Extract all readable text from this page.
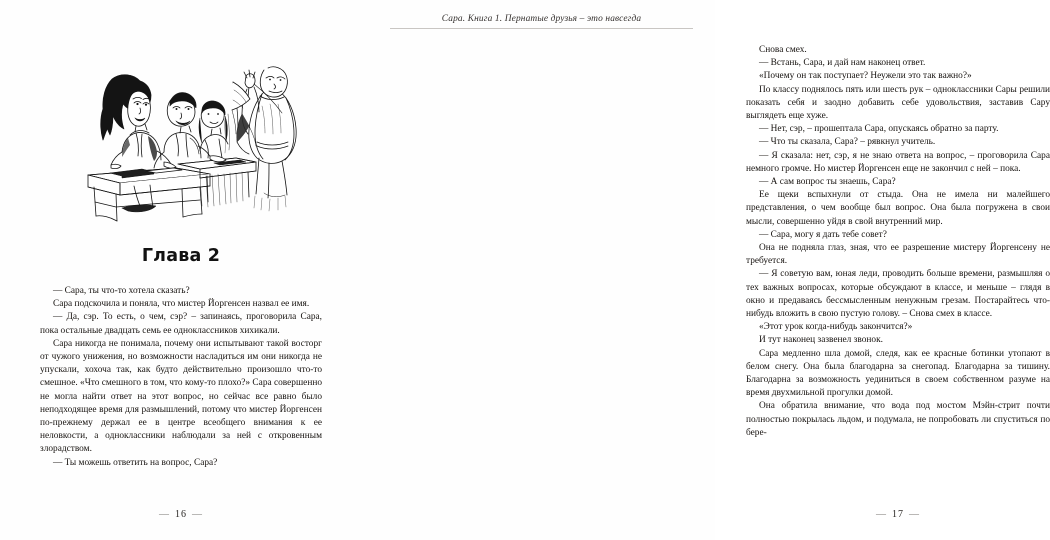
Глава 2

— Сара, ты что-то хотела сказать?

Сара подскочила и поняла, что мистер Йоргенсен назвал ее имя.

— Да, сэр. То есть, о чем, сэр? – запинаясь, проговорила Сара, пока остальные двадцать семь ее одноклассников хихикали.

Сара никогда не понимала, почему они испытывают такой восторг от чужого унижения, но возможности насладиться им они никогда не упускали, хохоча так, как будто действительно произошло что-то смешное. «Что смешного в том, что кому-то плохо?» Сара совершенно не могла найти ответ на этот вопрос, но сейчас все равно было неподходящее время для размышлений, потому что мистер Йоргенсен по-прежнему держал ее в центре всеобщего внимания к ее неловкости, а одноклассники наблюдали за ней с откровенным злорадством.

— Ты можешь ответить на вопрос, Сара?

— 16 —
Сара. Книга 1. Пернатые друзья – это навсегда

Снова смех.

— Встань, Сара, и дай нам наконец ответ.

«Почему он так поступает? Неужели это так важно?»

По классу поднялось пять или шесть рук – одноклассники Сары решили показать себя и заодно добавить себе удовольствия, заставив Сару выглядеть еще хуже.

— Нет, сэр, – прошептала Сара, опускаясь обратно за парту.

— Что ты сказала, Сара? – рявкнул учитель.

— Я сказала: нет, сэр, я не знаю ответа на вопрос, – проговорила Сара немного громче. Но мистер Йоргенсен еще не закончил с ней – пока.

— А сам вопрос ты знаешь, Сара?

Ее щеки вспыхнули от стыда. Она не имела ни малейшего представления, о чем вообще был вопрос. Она была погружена в свои мысли, совершенно уйдя в свой внутренний мир.

— Сара, могу я дать тебе совет?

Она не подняла глаз, зная, что ее разрешение мистеру Йоргенсену не требуется.

— Я советую вам, юная леди, проводить больше времени, размышляя о тех важных вопросах, которые обсуждают в классе, и меньше – глядя в окно и предаваясь бессмысленным ненужным грезам. Постарайтесь что-нибудь вложить в свою пустую голову. – Снова смех в классе.

«Этот урок когда-нибудь закончится?»

И тут наконец зазвенел звонок.

Сара медленно шла домой, следя, как ее красные ботинки утопают в белом снегу. Она была благодарна за снегопад. Благодарна за тишину. Благодарна за возможность уединиться в своем собственном разуме на время двухмильной прогулки домой.

Она обратила внимание, что вода под мостом Мэйн-стрит почти полностью покрылась льдом, и подумала, не попробовать ли спуститься по бере-

— 17 —
